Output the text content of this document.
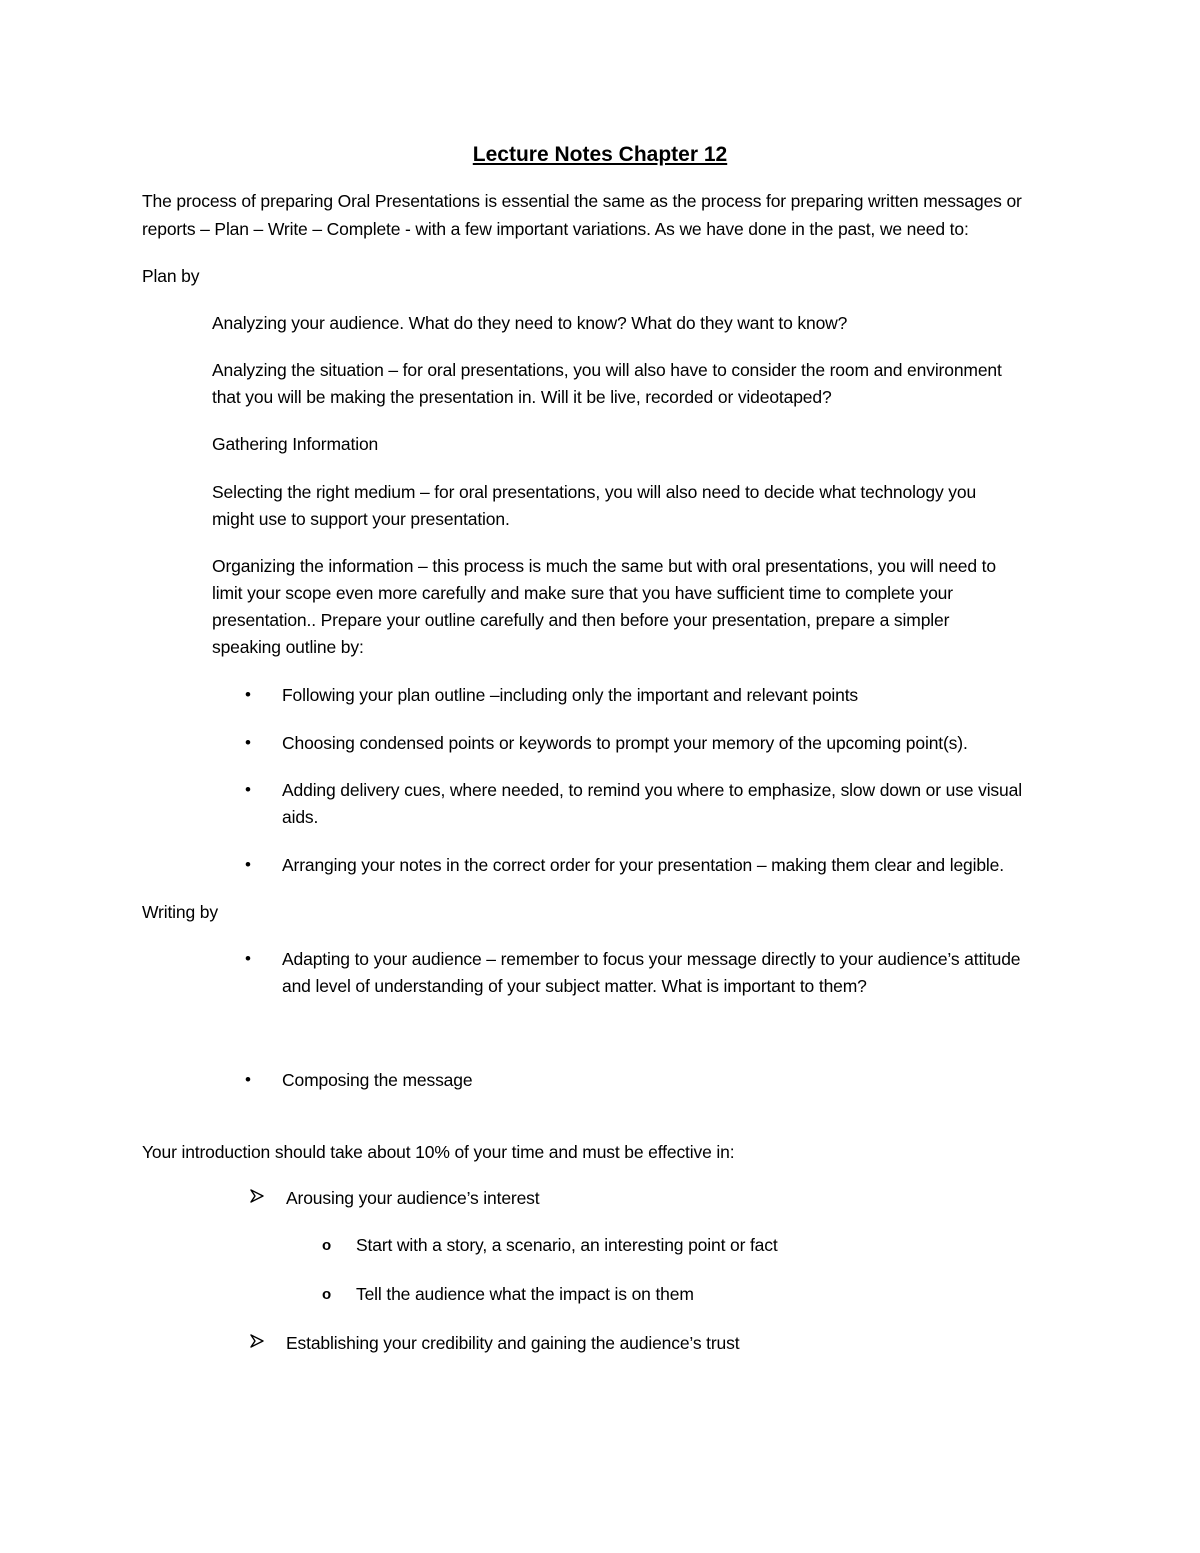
Lecture Notes Chapter 12

The process of preparing Oral Presentations is essential the same as the process for preparing written messages or

reports – Plan – Write – Complete - with a few important variations. As we have done in the past, we need to:

Plan by

Analyzing your audience. What do they need to know? What do they want to know?

Analyzing the situation – for oral presentations, you will also have to consider the room and environment

that you will be making the presentation in. Will it be live, recorded or videotaped?

Gathering Information

Selecting the right medium – for oral presentations, you will also need to decide what technology you

might use to support your presentation.

Organizing the information – this process is much the same but with oral presentations, you will need to

limit your scope even more carefully and make sure that you have sufficient time to complete your

presentation.. Prepare your outline carefully and then before your presentation, prepare a simpler

speaking outline by:

• Following your plan outline –including only the important and relevant points

• Choosing condensed points or keywords to prompt your memory of the upcoming point(s).

• Adding delivery cues, where needed, to remind you where to emphasize, slow down or use visual

aids.

• Arranging your notes in the correct order for your presentation – making them clear and legible.

Writing by

• Adapting to your audience – remember to focus your message directly to your audience’s attitude

and level of understanding of your subject matter. What is important to them?

• Composing the message

Your introduction should take about 10% of your time and must be effective in:

Arousing your audience’s interest

o Start with a story, a scenario, an interesting point or fact

o Tell the audience what the impact is on them

Establishing your credibility and gaining the audience’s trust
